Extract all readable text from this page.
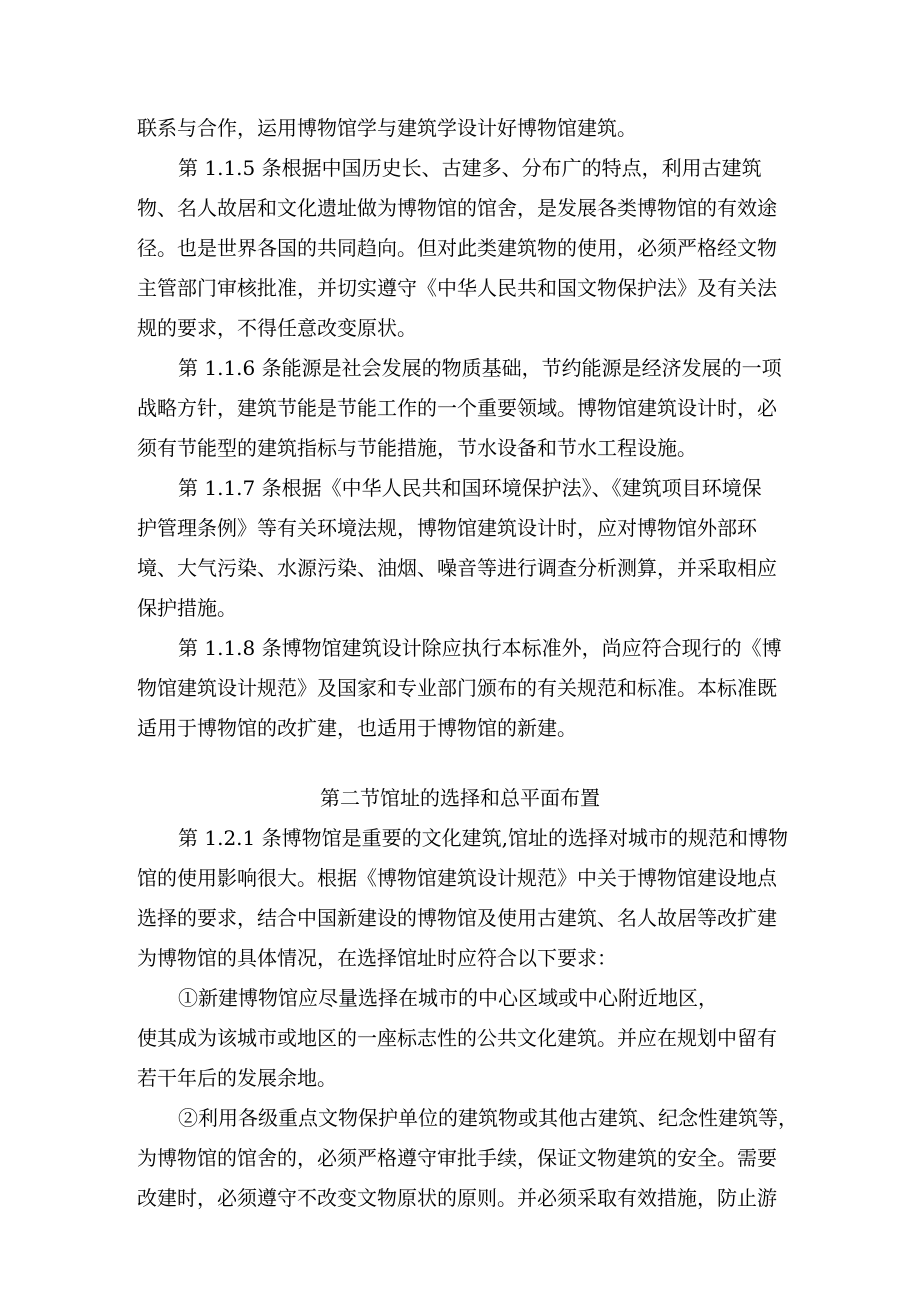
联系与合作，运用博物馆学与建筑学设计好博物馆建筑。
第 1.1.5 条根据中国历史长、古建多、分布广的特点，利用古建筑
物、名人故居和文化遗址做为博物馆的馆舍，是发展各类博物馆的有效途
径。也是世界各国的共同趋向。但对此类建筑物的使用，必须严格经文物
主管部门审核批准，并切实遵守《中华人民共和国文物保护法》及有关法
规的要求，不得任意改变原状。
第 1.1.6 条能源是社会发展的物质基础，节约能源是经济发展的一项
战略方针，建筑节能是节能工作的一个重要领域。博物馆建筑设计时，必
须有节能型的建筑指标与节能措施，节水设备和节水工程设施。
第 1.1.7 条根据《中华人民共和国环境保护法》、《建筑项目环境保
护管理条例》等有关环境法规，博物馆建筑设计时，应对博物馆外部环
境、大气污染、水源污染、油烟、噪音等进行调查分析测算，并采取相应
保护措施。
第 1.1.8 条博物馆建筑设计除应执行本标准外，尚应符合现行的《博
物馆建筑设计规范》及国家和专业部门颁布的有关规范和标准。本标准既
适用于博物馆的改扩建，也适用于博物馆的新建。
第二节馆址的选择和总平面布置
第 1.2.1 条博物馆是重要的文化建筑,馆址的选择对城市的规范和博物
馆的使用影响很大。根据《博物馆建筑设计规范》中关于博物馆建设地点
选择的要求，结合中国新建设的博物馆及使用古建筑、名人故居等改扩建
为博物馆的具体情况，在选择馆址时应符合以下要求：
①新建博物馆应尽量选择在城市的中心区域或中心附近地区，
使其成为该城市或地区的一座标志性的公共文化建筑。并应在规划中留有
若干年后的发展余地。
②利用各级重点文物保护单位的建筑物或其他古建筑、纪念性建筑等，
为博物馆的馆舍的，必须严格遵守审批手续，保证文物建筑的安全。需要
改建时，必须遵守不改变文物原状的原则。并必须采取有效措施，防止游
